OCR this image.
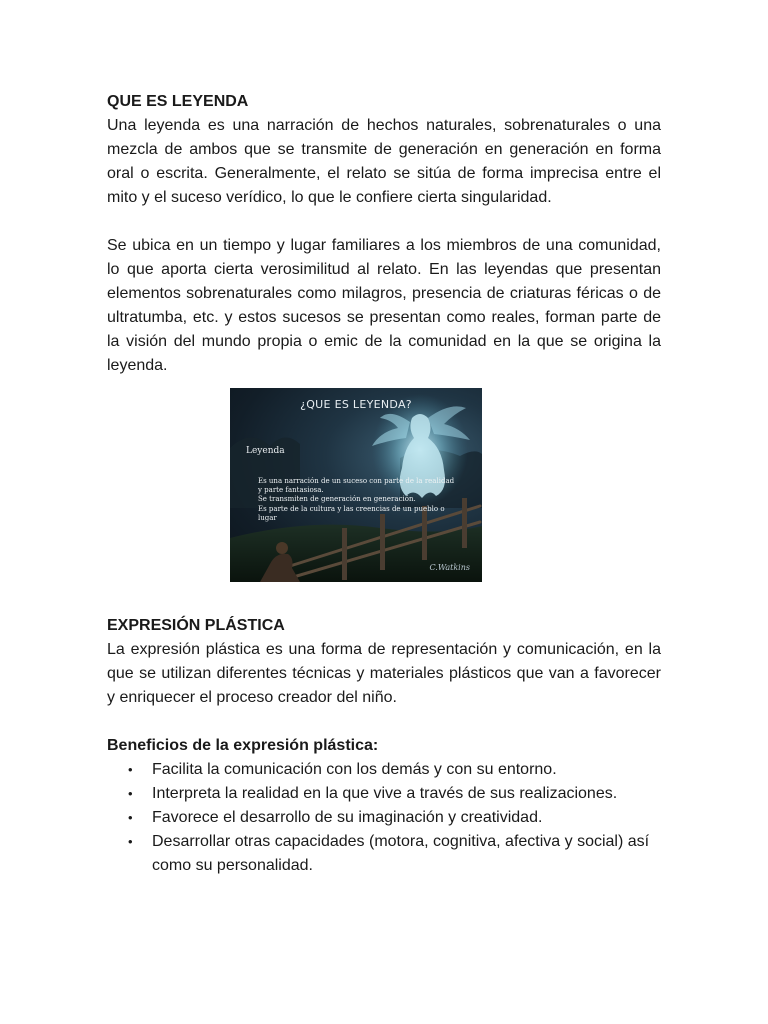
QUE ES LEYENDA

Una leyenda es una narración de hechos naturales, sobrenaturales o una mezcla de ambos que se transmite de generación en generación en forma oral o escrita. Generalmente, el relato se sitúa de forma imprecisa entre el mito y el suceso verídico, lo que le confiere cierta singularidad.

Se ubica en un tiempo y lugar familiares a los miembros de una comunidad, lo que aporta cierta verosimilitud al relato. En las leyendas que presentan elementos sobrenaturales como milagros, presencia de criaturas féricas o de ultratumba, etc. y estos sucesos se presentan como reales, forman parte de la visión del mundo propia o emic de la comunidad en la que se origina la leyenda.

¿QUE ES LEYENDA?
Leyenda
Es una narración de un suceso con parte de la realidad
y parte fantasiosa.
Se transmiten de generación en generación.
Es parte de la cultura y las creencias de un pueblo o
lugar
C.Watkins

EXPRESIÓN PLÁSTICA

La expresión plástica es una forma de representación y comunicación, en la que se utilizan diferentes técnicas y materiales plásticos que van a favorecer y enriquecer el proceso creador del niño.

Beneficios de la expresión plástica:

• Facilita la comunicación con los demás y con su entorno.
• Interpreta la realidad en la que vive a través de sus realizaciones.
• Favorece el desarrollo de su imaginación y creatividad.
• Desarrollar otras capacidades (motora, cognitiva, afectiva y social) así como su personalidad.
